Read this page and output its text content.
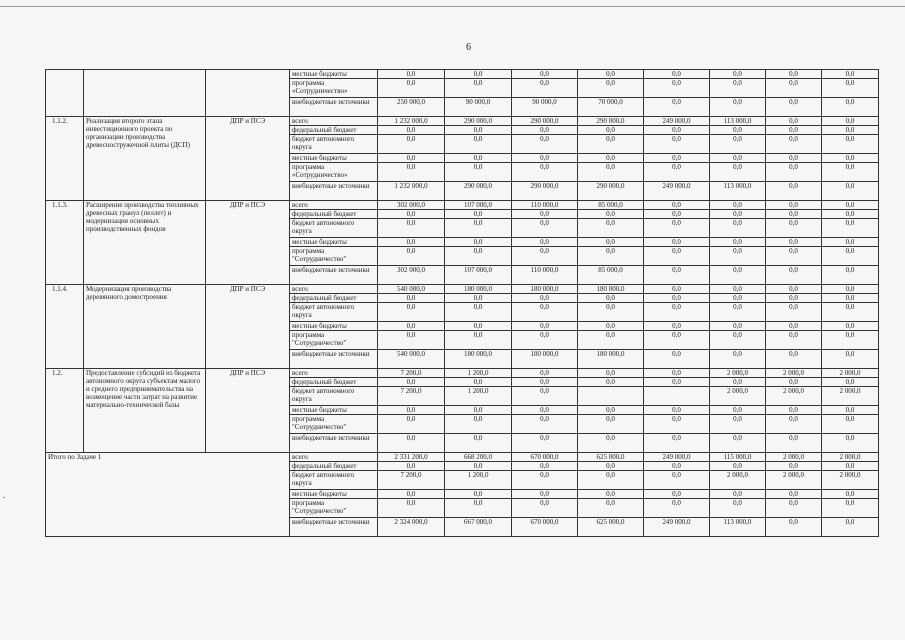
6
			местные бюджеты	0,0	0,0	0,0	0,0	0,0	0,0	0,0	0,0
			программа «Сотрудничество»	0,0	0,0	0,0	0,0	0,0	0,0	0,0	0,0
			внебюджетные источники	250 000,0	90 000,0	90 000,0	70 000,0	0,0	0,0	0,0	0,0
1.1.2.	Реализация второго этапа инвестиционного проекта по организации производства древесностружечной плиты (ДСП)	ДПР и ПСЭ	всего	1 232 000,0	290 000,0	290 000,0	290 000,0	249 000,0	113 000,0	0,0	0,0
			федеральный бюджет	0,0	0,0	0,0	0,0	0,0	0,0	0,0	0,0
			бюджет автономного округа	0,0	0,0	0,0	0,0	0,0	0,0	0,0	0,0
			местные бюджеты	0,0	0,0	0,0	0,0	0,0	0,0	0,0	0,0
			программа «Сотрудничество»	0,0	0,0	0,0	0,0	0,0	0,0	0,0	0,0
			внебюджетные источники	1 232 000,0	290 000,0	290 000,0	290 000,0	249 000,0	113 000,0	0,0	0,0
1.1.3.	Расширение производства топливных древесных гранул (пеллет) и модернизация основных производственных фондов	ДПР и ПСЭ	всего	302 000,0	107 000,0	110 000,0	85 000,0	0,0	0,0	0,0	0,0
			федеральный бюджет	0,0	0,0	0,0	0,0	0,0	0,0	0,0	0,0
			бюджет автономного округа	0,0	0,0	0,0	0,0	0,0	0,0	0,0	0,0
			местные бюджеты	0,0	0,0	0,0	0,0	0,0	0,0	0,0	0,0
			программа "Сотрудничество"	0,0	0,0	0,0	0,0	0,0	0,0	0,0	0,0
			внебюджетные источники	302 000,0	107 000,0	110 000,0	85 000,0	0,0	0,0	0,0	0,0
1.1.4.	Модернизация производства деревянного домостроения	ДПР и ПСЭ	всего	540 000,0	180 000,0	180 000,0	180 000,0	0,0	0,0	0,0	0,0
			федеральный бюджет	0,0	0,0	0,0	0,0	0,0	0,0	0,0	0,0
			бюджет автономного округа	0,0	0,0	0,0	0,0	0,0	0,0	0,0	0,0
			местные бюджеты	0,0	0,0	0,0	0,0	0,0	0,0	0,0	0,0
			программа "Сотрудничество"	0,0	0,0	0,0	0,0	0,0	0,0	0,0	0,0
			внебюджетные источники	540 000,0	180 000,0	180 000,0	180 000,0	0,0	0,0	0,0	0,0
1.2.	Предоставление субсидий из бюджета автономного округа субъектам малого и среднего предпринимательства на возмещение части затрат на развитие материально-технической базы	ДПР и ПСЭ	всего	7 200,0	1 200,0	0,0	0,0	0,0	2 000,0	2 000,0	2 000,0
			федеральный бюджет	0,0	0,0	0,0	0,0	0,0	0,0	0,0	0,0
			бюджет автономного округа	7 200,0	1 200,0	0,0			2 000,0	2 000,0	2 000,0
			местные бюджеты	0,0	0,0	0,0	0,0	0,0	0,0	0,0	0,0
			программа "Сотрудничество"	0,0	0,0	0,0	0,0	0,0	0,0	0,0	0,0
			внебюджетные источники	0,0	0,0	0,0	0,0	0,0	0,0	0,0	0,0
Итого по Задаче 1			всего	2 331 200,0	668 200,0	670 000,0	625 000,0	249 000,0	115 000,0	2 000,0	2 000,0
			федеральный бюджет	0,0	0,0	0,0	0,0	0,0	0,0	0,0	0,0
			бюджет автономного округа	7 200,0	1 200,0	0,0	0,0	0,0	2 000,0	2 000,0	2 000,0
			местные бюджеты	0,0	0,0	0,0	0,0	0,0	0,0	0,0	0,0
			программа "Сотрудничество"	0,0	0,0	0,0	0,0	0,0	0,0	0,0	0,0
			внебюджетные источники	2 324 000,0	667 000,0	670 000,0	625 000,0	249 000,0	113 000,0	0,0	0,0
